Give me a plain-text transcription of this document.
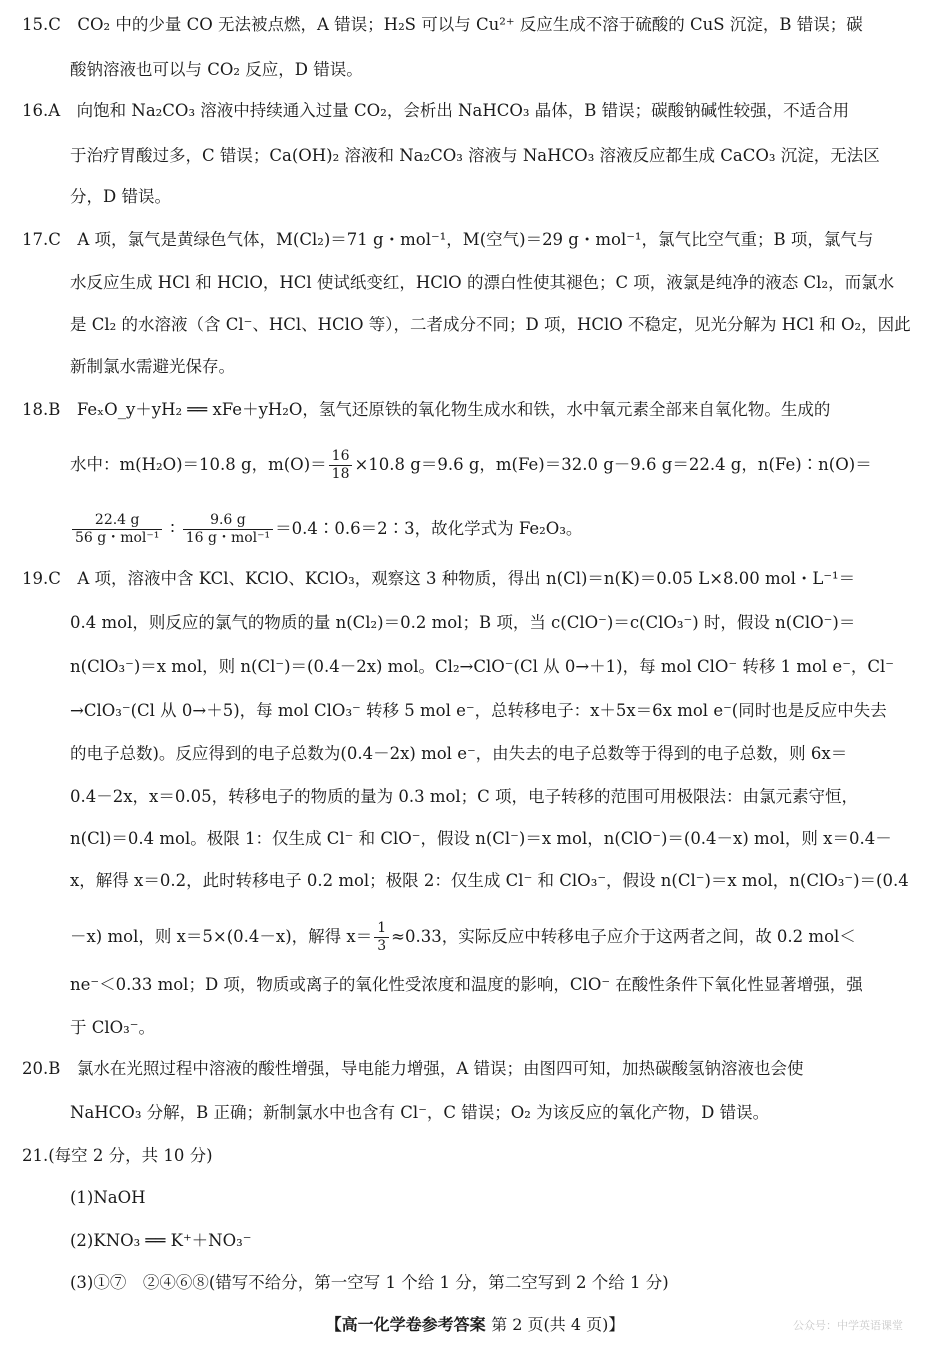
15.C　CO₂ 中的少量 CO 无法被点燃，A 错误；H₂S 可以与 Cu²⁺ 反应生成不溶于硫酸的 CuS 沉淀，B 错误；碳
酸钠溶液也可以与 CO₂ 反应，D 错误。
16.A　向饱和 Na₂CO₃ 溶液中持续通入过量 CO₂，会析出 NaHCO₃ 晶体，B 错误；碳酸钠碱性较强，不适合用
于治疗胃酸过多，C 错误；Ca(OH)₂ 溶液和 Na₂CO₃ 溶液与 NaHCO₃ 溶液反应都生成 CaCO₃ 沉淀，无法区
分，D 错误。
17.C　A 项，氯气是黄绿色气体，M(Cl₂)＝71 g・mol⁻¹，M(空气)＝29 g・mol⁻¹，氯气比空气重；B 项，氯气与
水反应生成 HCl 和 HClO，HCl 使试纸变红，HClO 的漂白性使其褪色；C 项，液氯是纯净的液态 Cl₂，而氯水
是 Cl₂ 的水溶液（含 Cl⁻、HCl、HClO 等），二者成分不同；D 项，HClO 不稳定，见光分解为 HCl 和 O₂，因此
新制氯水需避光保存。
18.B　FeₓO_y＋yH₂ ══ xFe＋yH₂O，氢气还原铁的氧化物生成水和铁，水中氧元素全部来自氧化物。生成的
水中：m(H₂O)＝10.8 g，$m(O)= \frac{16}{18} \times 10.8$ g＝9.6 g，m(Fe)＝32.0 g－9.6 g＝22.4 g，n(Fe)∶n(O)＝
$\frac{22.4 g}{\text{56 g・mol⁻¹}}$ ∶ $\frac{9.6 g}{\text{16 g・mol⁻¹}}$ ＝0.4∶0.6＝2∶3，故化学式为 Fe₂O₃。
19.C　A 项，溶液中含 KCl、KClO、KClO₃，观察这 3 种物质，得出 n(Cl)＝n(K)＝0.05 L×8.00 mol・L⁻¹＝
0.4 mol，则反应的氯气的物质的量 n(Cl₂)＝0.2 mol；B 项，当 c(ClO⁻)＝c(ClO₃⁻) 时，假设 n(ClO⁻)＝
n(ClO₃⁻)＝x mol，则 n(Cl⁻)＝(0.4－2x) mol。Cl₂→ClO⁻(Cl 从 0→＋1)，每 mol ClO⁻ 转移 1 mol e⁻，Cl⁻
→ClO₃⁻(Cl 从 0→＋5)，每 mol ClO₃⁻ 转移 5 mol e⁻，总转移电子：x＋5x＝6x mol e⁻(同时也是反应中失去
的电子总数)。反应得到的电子总数为(0.4－2x) mol e⁻，由失去的电子总数等于得到的电子总数，则 6x＝
0.4－2x，x＝0.05，转移电子的物质的量为 0.3 mol；C 项，电子转移的范围可用极限法：由氯元素守恒，
n(Cl)＝0.4 mol。极限 1：仅生成 Cl⁻ 和 ClO⁻，假设 n(Cl⁻)＝x mol，n(ClO⁻)＝(0.4－x) mol，则 x＝0.4－
x，解得 x＝0.2，此时转移电子 0.2 mol；极限 2：仅生成 Cl⁻ 和 ClO₃⁻，假设 n(Cl⁻)＝x mol，n(ClO₃⁻)＝(0.4
－x) mol，则 x＝5×(0.4－x)，解得 $x= \frac{1}{3} \approx 0.33$，实际反应中转移电子应介于这两者之间，故 0.2 mol＜
ne⁻＜0.33 mol；D 项，物质或离子的氧化性受浓度和温度的影响，ClO⁻ 在酸性条件下氧化性显著增强，强
于 ClO₃⁻。
20.B　氯水在光照过程中溶液的酸性增强，导电能力增强，A 错误；由图四可知，加热碳酸氢钠溶液也会使
NaHCO₃ 分解，B 正确；新制氯水中也含有 Cl⁻，C 错误；O₂ 为该反应的氧化产物，D 错误。
21.(每空 2 分，共 10 分)
(1)NaOH
(2)KNO₃ ══ K⁺＋NO₃⁻
(3)①⑦　②④⑥⑧(错写不给分，第一空写 1 个给 1 分，第二空写到 2 个给 1 分)
【高一化学卷参考答案 第 2 页(共 4 页)】	公众号：中学英语课堂
